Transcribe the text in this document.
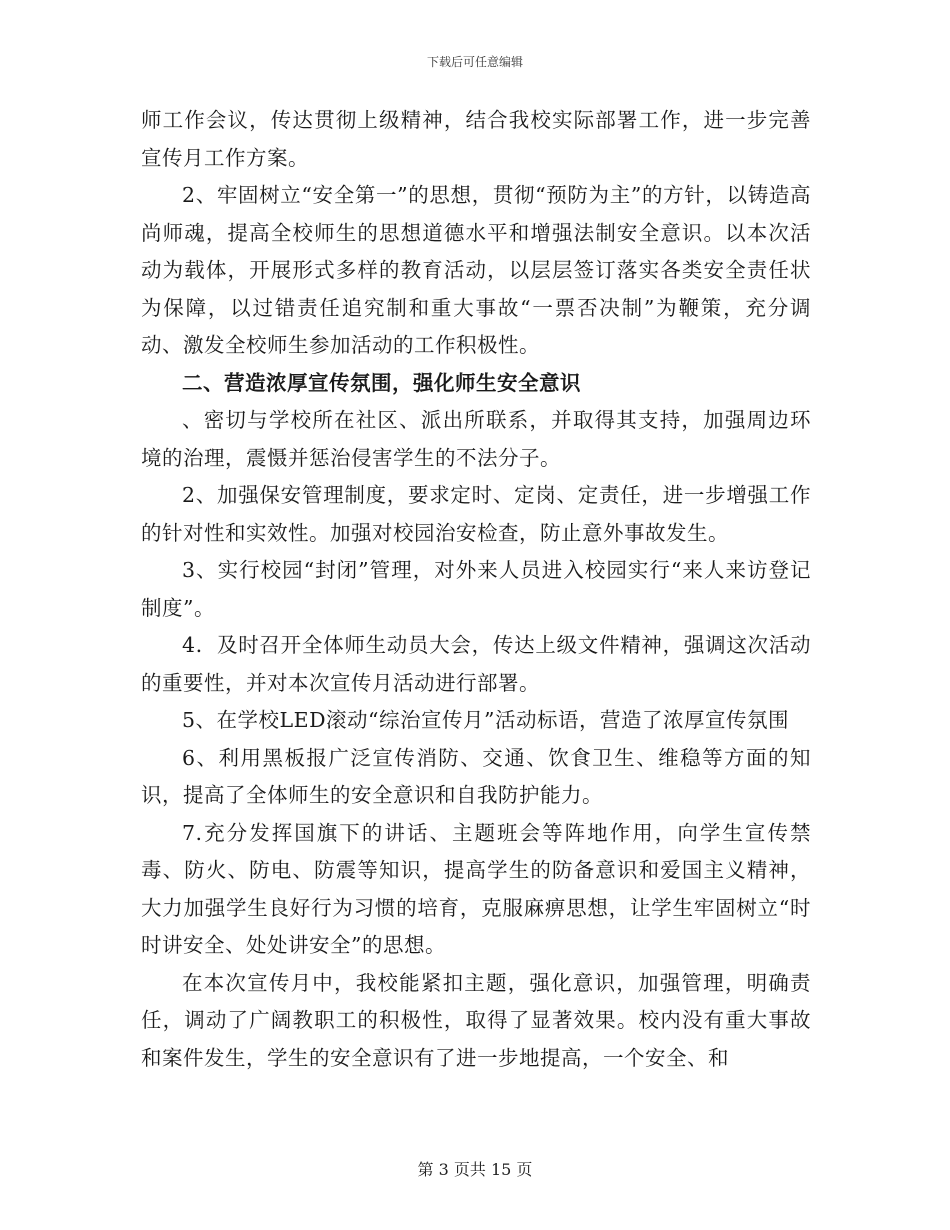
下载后可任意编辑

师工作会议，传达贯彻上级精神，结合我校实际部署工作，进一步完善宣传月工作方案。

2、牢固树立“安全第一”的思想，贯彻“预防为主”的方针，以铸造高尚师魂，提高全校师生的思想道德水平和增强法制安全意识。以本次活动为载体，开展形式多样的教育活动，以层层签订落实各类安全责任状为保障，以过错责任追究制和重大事故“一票否决制”为鞭策，充分调动、激发全校师生参加活动的工作积极性。

二、营造浓厚宣传氛围，强化师生安全意识

、密切与学校所在社区、派出所联系，并取得其支持，加强周边环境的治理，震慑并惩治侵害学生的不法分子。

2、加强保安管理制度，要求定时、定岗、定责任，进一步增强工作的针对性和实效性。加强对校园治安检查，防止意外事故发生。

3、实行校园“封闭”管理，对外来人员进入校园实行“来人来访登记制度”。

4．及时召开全体师生动员大会，传达上级文件精神，强调这次活动的重要性，并对本次宣传月活动进行部署。

5、在学校LED滚动“综治宣传月”活动标语，营造了浓厚宣传氛围

6、利用黑板报广泛宣传消防、交通、饮食卫生、维稳等方面的知识，提高了全体师生的安全意识和自我防护能力。

7.充分发挥国旗下的讲话、主题班会等阵地作用，向学生宣传禁毒、防火、防电、防震等知识，提高学生的防备意识和爱国主义精神，大力加强学生良好行为习惯的培育，克服麻痹思想，让学生牢固树立“时时讲安全、处处讲安全”的思想。

在本次宣传月中，我校能紧扣主题，强化意识，加强管理，明确责任，调动了广阔教职工的积极性，取得了显著效果。校内没有重大事故和案件发生，学生的安全意识有了进一步地提高，一个安全、和

第 3 页共 15 页
